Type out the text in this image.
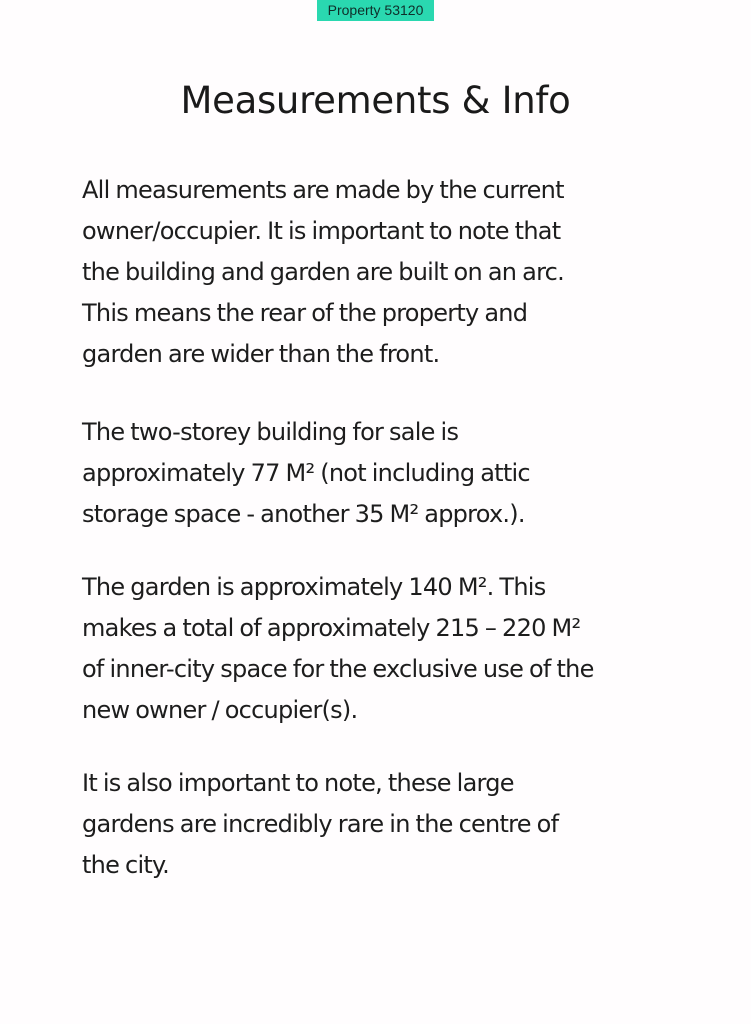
Property 53120
Measurements & Info

All measurements are made by the current
owner/occupier. It is important to note that
the building and garden are built on an arc.
This means the rear of the property and
garden are wider than the front.

The two-storey building for sale is
approximately 77 M² (not including attic
storage space - another 35 M² approx.).

The garden is approximately 140 M². This
makes a total of approximately 215 – 220 M²
of inner-city space for the exclusive use of the
new owner / occupier(s).

It is also important to note, these large
gardens are incredibly rare in the centre of
the city.
